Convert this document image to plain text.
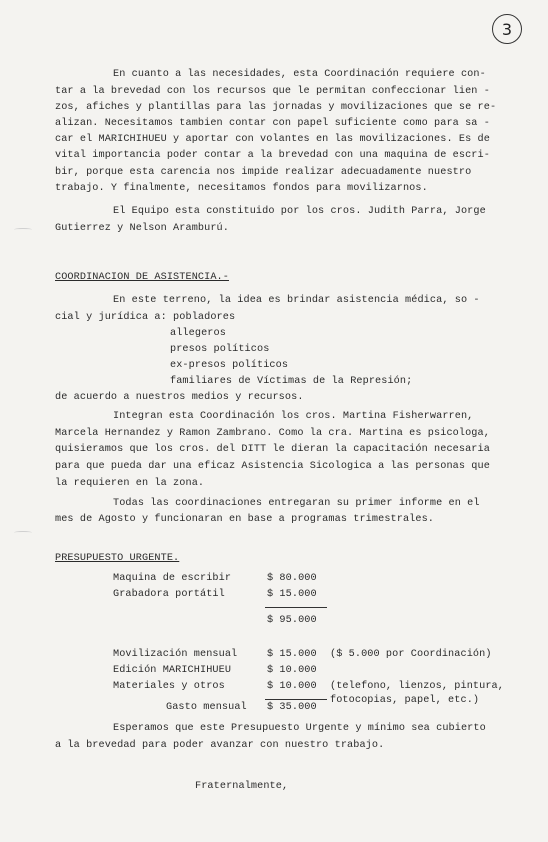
3
En cuanto a las necesidades, esta Coordinación requiere con-
tar a la brevedad con los recursos que le permitan confeccionar lien -
zos, afiches y plantillas para las jornadas y movilizaciones que se re-
alizan. Necesitamos tambien contar con papel suficiente como para sa -
car el MARICHIHUEU y aportar con volantes en las movilizaciones. Es de
vital importancia poder contar a la brevedad con una maquina de escri-
bir, porque esta carencia nos impide realizar adecuadamente nuestro
trabajo. Y finalmente, necesitamos fondos para movilizarnos.
El Equipo esta constituido por los cros. Judith Parra, Jorge
Gutierrez y Nelson Aramburú.
COORDINACION DE ASISTENCIA.-
En este terreno, la idea es brindar asistencia médica, so -
cial y jurídica a: pobladores
allegeros
presos políticos
ex-presos políticos
familiares de Víctimas de la Represión;
de acuerdo a nuestros medios y recursos.
Integran esta Coordinación los cros. Martina Fisherwarren,
Marcela Hernandez y Ramon Zambrano. Como la cra. Martina es psicologa,
quisieramos que los cros. del DITT le dieran la capacitación necesaria
para que pueda dar una eficaz Asistencia Sicologica a las personas que
la requieren en la zona.
Todas las coordinaciones entregaran su primer informe en el
mes de Agosto y funcionaran en base a programas trimestrales.
PRESUPUESTO URGENTE.
Maquina de escribir	$ 80.000
Grabadora portátil	$ 15.000
$ 95.000
Movilización mensual	$ 15.000 ($ 5.000 por Coordinación)
Edición MARICHIHUEU	$ 10.000
Materiales y otros	$ 10.000 (telefono, lienzos, pintura,
fotocopias, papel, etc.)
Gasto mensual $ 35.000
Esperamos que este Presupuesto Urgente y mínimo sea cubierto
a la brevedad para poder avanzar con nuestro trabajo.
Fraternalmente,
